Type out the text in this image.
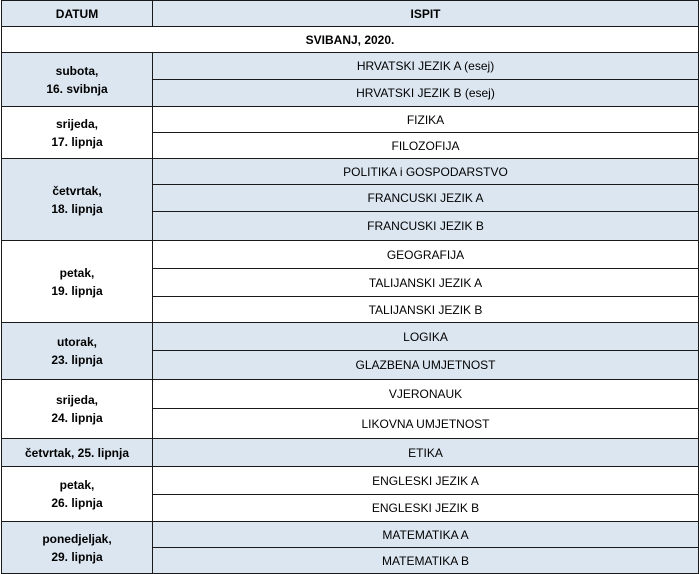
DATUM	ISPIT
SVIBANJ, 2020.	

subota,
16. svibnja	HRVATSKI JEZIK A (esej)
	HRVATSKI JEZIK B (esej)

srijeda,
17. lipnja	FIZIKA
	FILOZOFIJA

četvrtak,
18. lipnja	POLITIKA i GOSPODARSTVO
	FRANCUSKI JEZIK A
	FRANCUSKI JEZIK B

petak,
19. lipnja	GEOGRAFIJA
	TALIJANSKI JEZIK A
	TALIJANSKI JEZIK B

utorak,
23. lipnja	LOGIKA
	GLAZBENA UMJETNOST

srijeda,
24. lipnja	VJERONAUK
	LIKOVNA UMJETNOST

četvrtak, 25. lipnja	ETIKA

petak,
26. lipnja	ENGLESKI JEZIK A
	ENGLESKI JEZIK B

ponedjeljak,
29. lipnja	MATEMATIKA A
	MATEMATIKA B
